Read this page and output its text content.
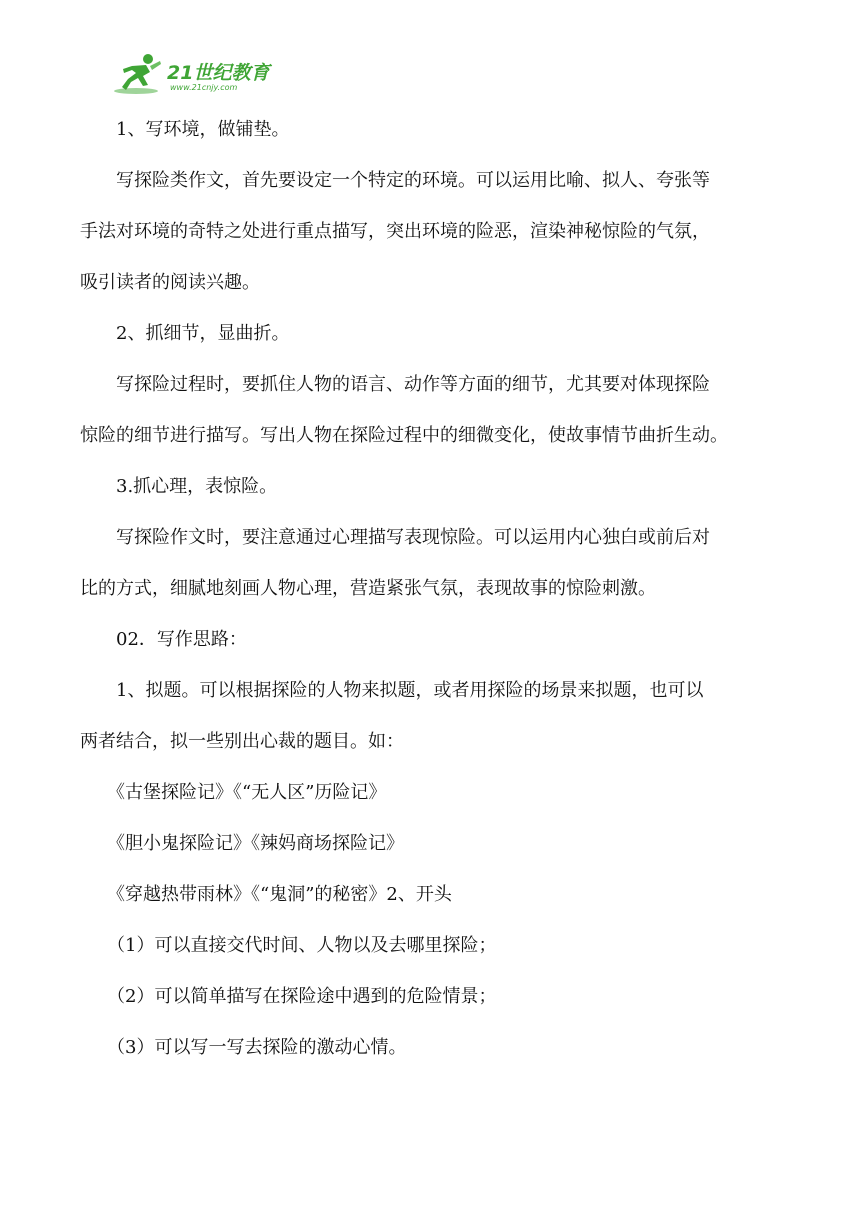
21世纪教育
www.21cnjy.com
　　1、写环境，做铺垫。
　　写探险类作文，首先要设定一个特定的环境。可以运用比喻、拟人、夸张等
手法对环境的奇特之处进行重点描写，突出环境的险恶，渲染神秘惊险的气氛，
吸引读者的阅读兴趣。
　　2、抓细节，显曲折。
　　写探险过程时，要抓住人物的语言、动作等方面的细节，尤其要对体现探险
惊险的细节进行描写。写出人物在探险过程中的细微变化，使故事情节曲折生动。
　　3.抓心理，表惊险。
　　写探险作文时，要注意通过心理描写表现惊险。可以运用内心独白或前后对
比的方式，细腻地刻画人物心理，营造紧张气氛，表现故事的惊险刺激。
　　02．写作思路：
　　1、拟题。可以根据探险的人物来拟题，或者用探险的场景来拟题，也可以
两者结合，拟一些别出心裁的题目。如：
　　《古堡探险记》《“无人区”历险记》
　　《胆小鬼探险记》《辣妈商场探险记》
　　《穿越热带雨林》《“鬼洞”的秘密》2、开头
　　（1）可以直接交代时间、人物以及去哪里探险；
　　（2）可以简单描写在探险途中遇到的危险情景；
　　（3）可以写一写去探险的激动心情。
